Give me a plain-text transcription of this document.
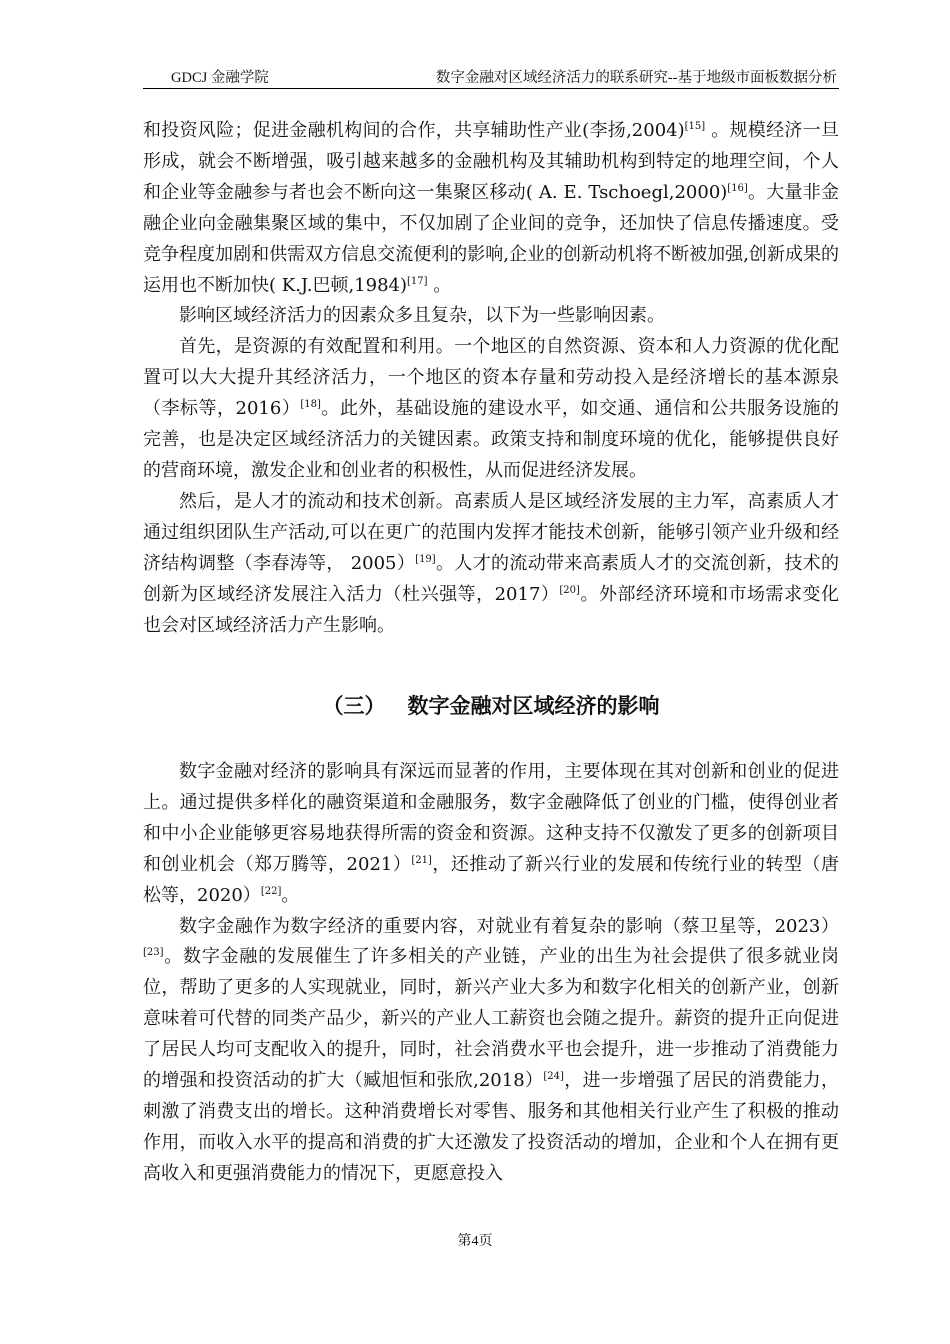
GDCJ 金融学院	数字金融对区域经济活力的联系研究--基于地级市面板数据分析

和投资风险；促进金融机构间的合作，共享辅助性产业(李扬,2004)[15] 。规模经济一旦形成，就会不断增强，吸引越来越多的金融机构及其辅助机构到特定的地理空间，个人和企业等金融参与者也会不断向这一集聚区移动( A. E. Tschoegl,2000)[16]。大量非金融企业向金融集聚区域的集中，不仅加剧了企业间的竞争，还加快了信息传播速度。受竞争程度加剧和供需双方信息交流便利的影响,企业的创新动机将不断被加强,创新成果的运用也不断加快( K.J.巴顿,1984)[17] 。

影响区域经济活力的因素众多且复杂，以下为一些影响因素。

首先，是资源的有效配置和利用。一个地区的自然资源、资本和人力资源的优化配置可以大大提升其经济活力，一个地区的资本存量和劳动投入是经济增长的基本源泉（李标等，2016）[18]。此外，基础设施的建设水平，如交通、通信和公共服务设施的完善，也是决定区域经济活力的关键因素。政策支持和制度环境的优化，能够提供良好的营商环境，激发企业和创业者的积极性，从而促进经济发展。

然后，是人才的流动和技术创新。高素质人是区域经济发展的主力军，高素质人才通过组织团队生产活动,可以在更广的范围内发挥才能技术创新，能够引领产业升级和经济结构调整（李春涛等， 2005）[19]。人才的流动带来高素质人才的交流创新，技术的创新为区域经济发展注入活力（杜兴强等，2017）[20]。外部经济环境和市场需求变化也会对区域经济活力产生影响。

（三）   数字金融对区域经济的影响

数字金融对经济的影响具有深远而显著的作用，主要体现在其对创新和创业的促进上。通过提供多样化的融资渠道和金融服务，数字金融降低了创业的门槛，使得创业者和中小企业能够更容易地获得所需的资金和资源。这种支持不仅激发了更多的创新项目和创业机会（郑万腾等，2021）[21]，还推动了新兴行业的发展和传统行业的转型（唐松等，2020）[22]。

数字金融作为数字经济的重要内容，对就业有着复杂的影响（蔡卫星等，2023）[23]。数字金融的发展催生了许多相关的产业链，产业的出生为社会提供了很多就业岗位，帮助了更多的人实现就业，同时，新兴产业大多为和数字化相关的创新产业，创新意味着可代替的同类产品少，新兴的产业人工薪资也会随之提升。薪资的提升正向促进了居民人均可支配收入的提升，同时，社会消费水平也会提升，进一步推动了消费能力的增强和投资活动的扩大（臧旭恒和张欣,2018）[24]，进一步增强了居民的消费能力，刺激了消费支出的增长。这种消费增长对零售、服务和其他相关行业产生了积极的推动作用，而收入水平的提高和消费的扩大还激发了投资活动的增加，企业和个人在拥有更高收入和更强消费能力的情况下，更愿意投入

第4页
